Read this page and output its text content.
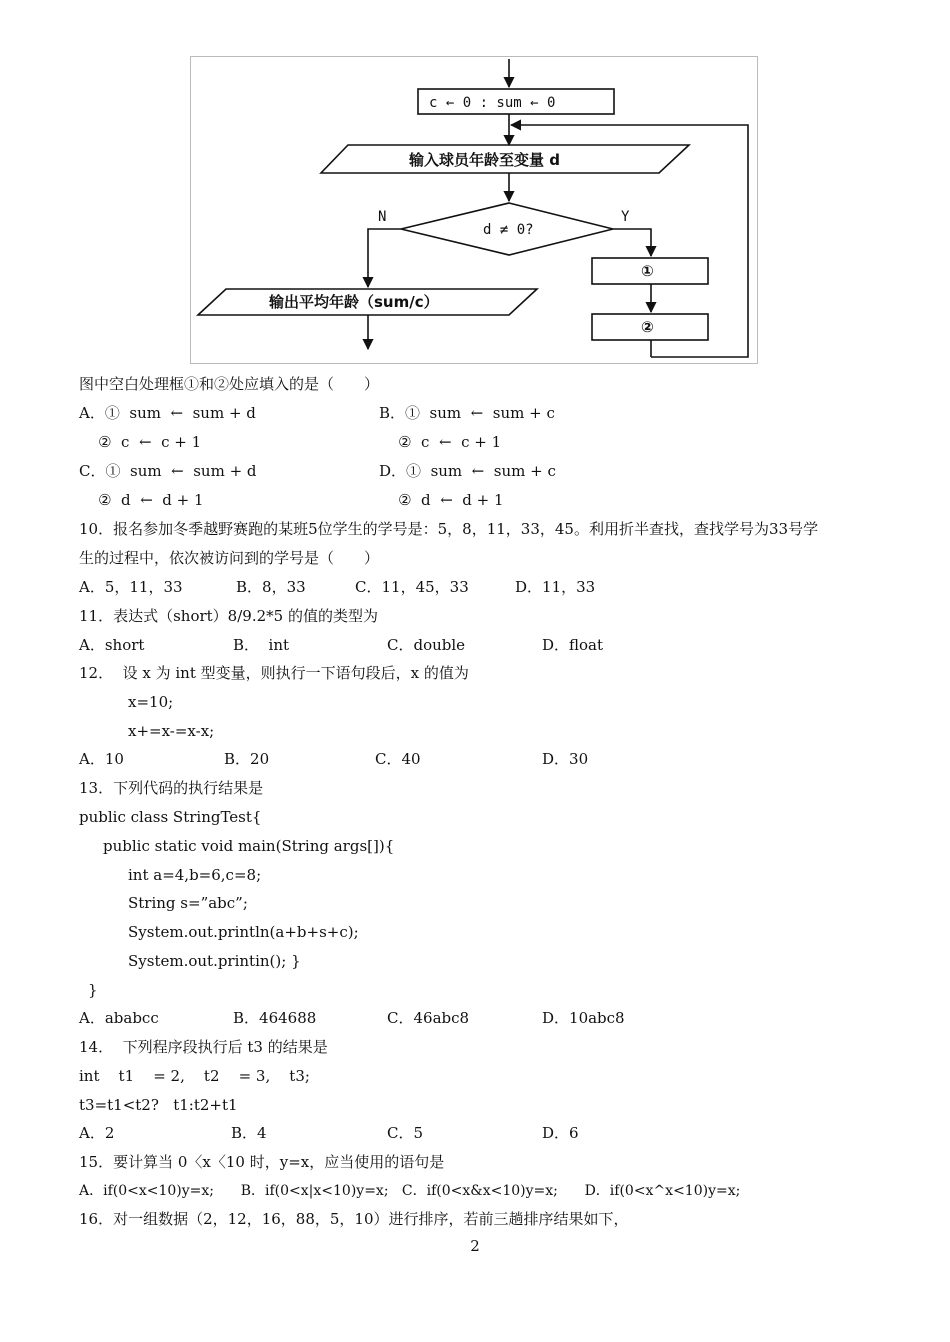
c ← 0 : sum ← 0
输入球员年龄至变量 d
d ≠ 0?
N	Y
①
②
输出平均年龄（sum/c）
图中空白处理框①和②处应填入的是（　　）
A．①  sum  ←  sum + d	B．①  sum  ←  sum + c
②  c  ←  c + 1	②  c  ←  c + 1
C．①  sum  ←  sum + d	D．①  sum  ←  sum + c
②  d  ←  d + 1	②  d  ←  d + 1
10．报名参加冬季越野赛跑的某班5位学生的学号是：5，8，11，33，45。利用折半查找，查找学号为33号学
生的过程中，依次被访问到的学号是（　　）
A．5，11，33	B．8，33	C．11，45，33	D．11，33
11．表达式（short）8/9.2*5 的值的类型为
A．short	B．  int	C．double	D．float
12．  设 x 为 int 型变量，则执行一下语句段后，x 的值为
x=10;
x+=x-=x-x;
A．10	B．20	C．40	D．30
13．下列代码的执行结果是
public class StringTest{
public static void main(String args[]){
int a=4,b=6,c=8;
String s=”abc”;
System.out.println(a+b+s+c);
System.out.printin(); }
}
A．ababcc	B．464688	C．46abc8	D．10abc8
14．  下列程序段执行后 t3 的结果是
int    t1    = 2,    t2    = 3,    t3;
t3=t1<t2?   t1:t2+t1
A．2	B．4	C．5	D．6
15．要计算当 0〈x〈10 时，y=x，应当使用的语句是
A．if(0<x<10)y=x;      B．if(0<x|x<10)y=x;   C．if(0<x&x<10)y=x;      D．if(0<x^x<10)y=x;
16．对一组数据（2，12，16，88，5，10）进行排序，若前三趟排序结果如下，
2
